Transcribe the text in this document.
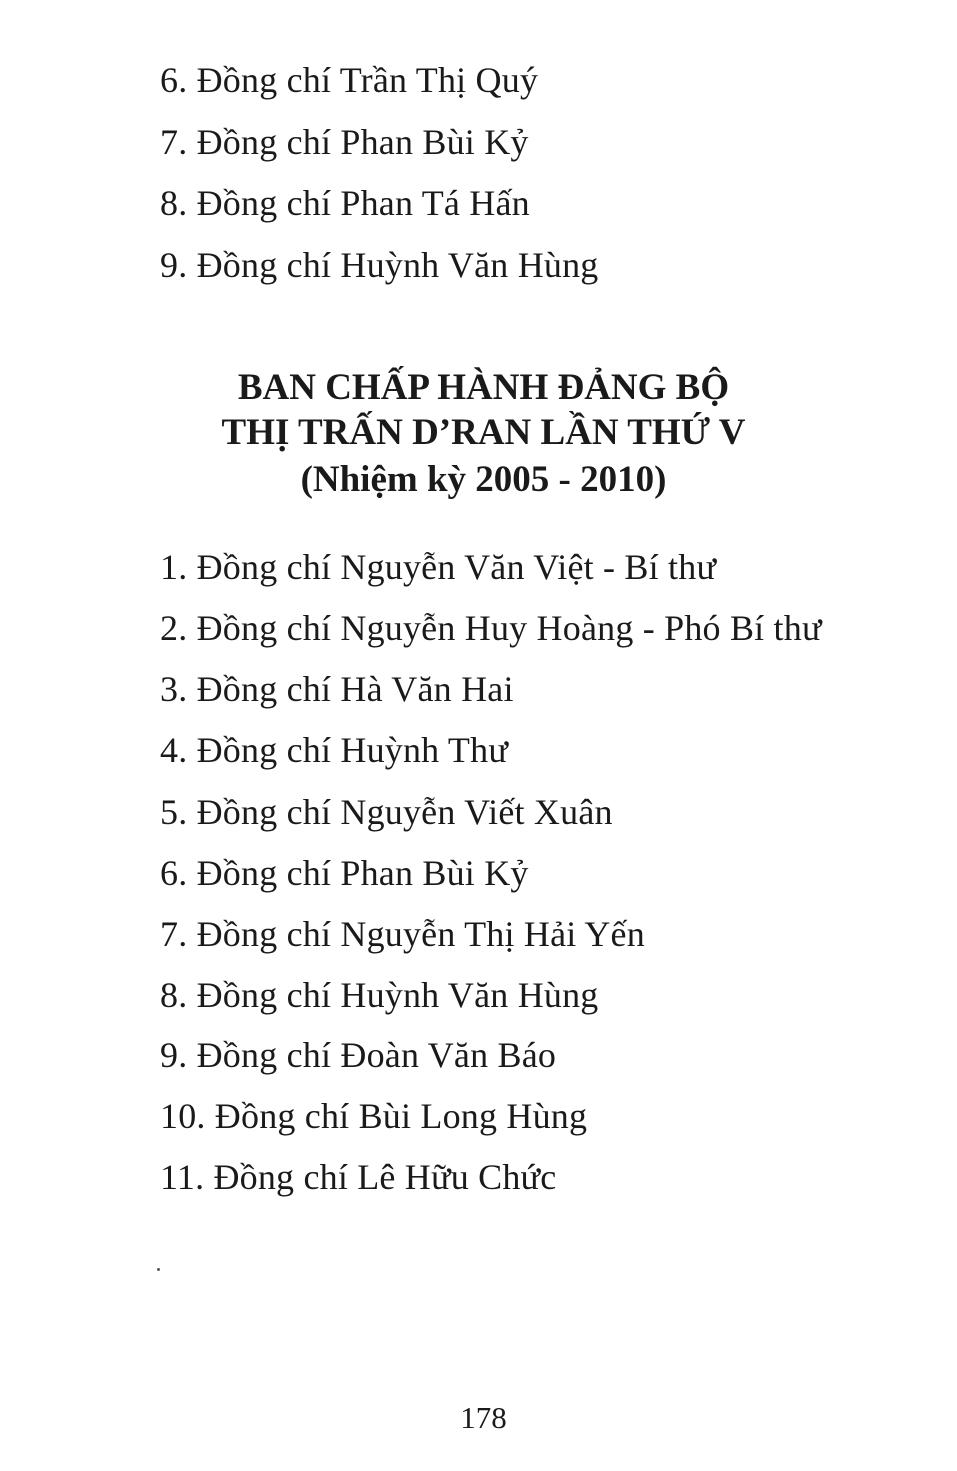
6. Đồng chí Trần Thị Quý
7. Đồng chí Phan Bùi Kỷ
8. Đồng chí Phan Tá Hấn
9. Đồng chí Huỳnh Văn Hùng
BAN CHẤP HÀNH ĐẢNG BỘ
THỊ TRẤN D’RAN LẦN THỨ V
(Nhiệm kỳ 2005 - 2010)
1. Đồng chí Nguyễn Văn Việt - Bí thư
2. Đồng chí Nguyễn Huy Hoàng - Phó Bí thư
3. Đồng chí Hà Văn Hai
4. Đồng chí Huỳnh Thư
5. Đồng chí Nguyễn Viết Xuân
6. Đồng chí Phan Bùi Kỷ
7. Đồng chí Nguyễn Thị Hải Yến
8. Đồng chí Huỳnh Văn Hùng
9. Đồng chí Đoàn Văn Báo
10. Đồng chí Bùi Long Hùng
11. Đồng chí Lê Hữu Chức
178
